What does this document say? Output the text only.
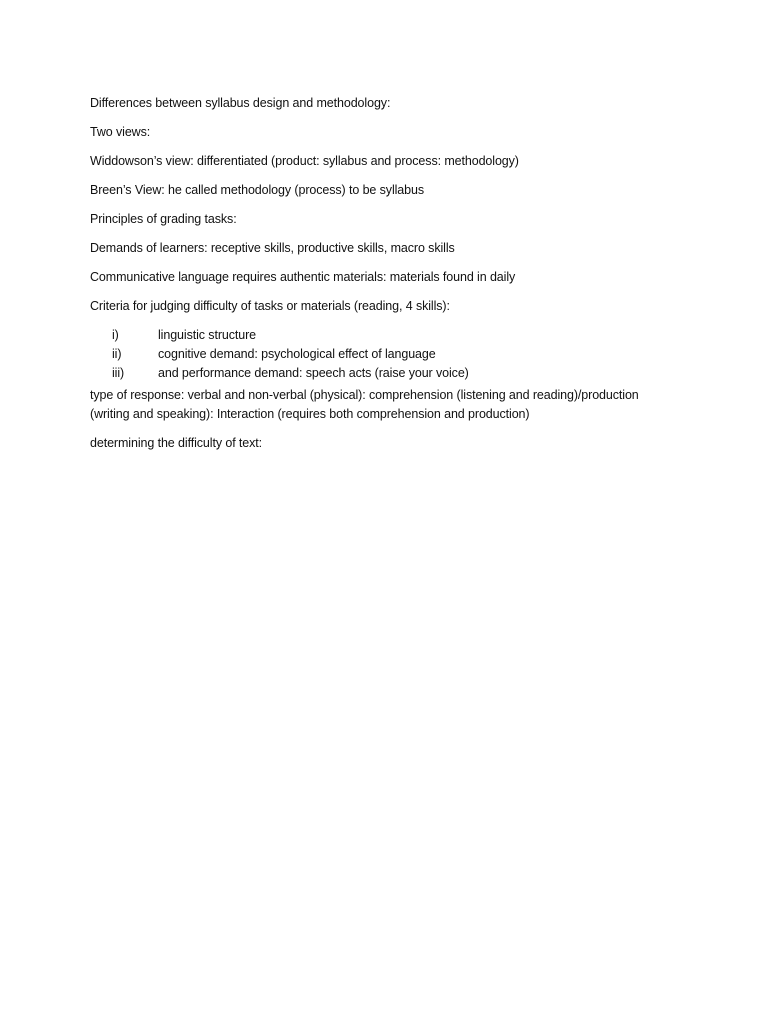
Differences between syllabus design and methodology:

Two views:

Widdowson’s view: differentiated (product: syllabus and process: methodology)

Breen’s View: he called methodology (process) to be syllabus

Principles of grading tasks:

Demands of learners: receptive skills, productive skills, macro skills

Communicative language requires authentic materials: materials found in daily

Criteria for judging difficulty of tasks or materials (reading, 4 skills):

i)	linguistic structure
ii)	cognitive demand: psychological effect of language
iii)	and performance demand: speech acts (raise your voice)

type of response: verbal and non-verbal (physical): comprehension (listening and reading)/production (writing and speaking): Interaction (requires both comprehension and production)

determining the difficulty of text:
